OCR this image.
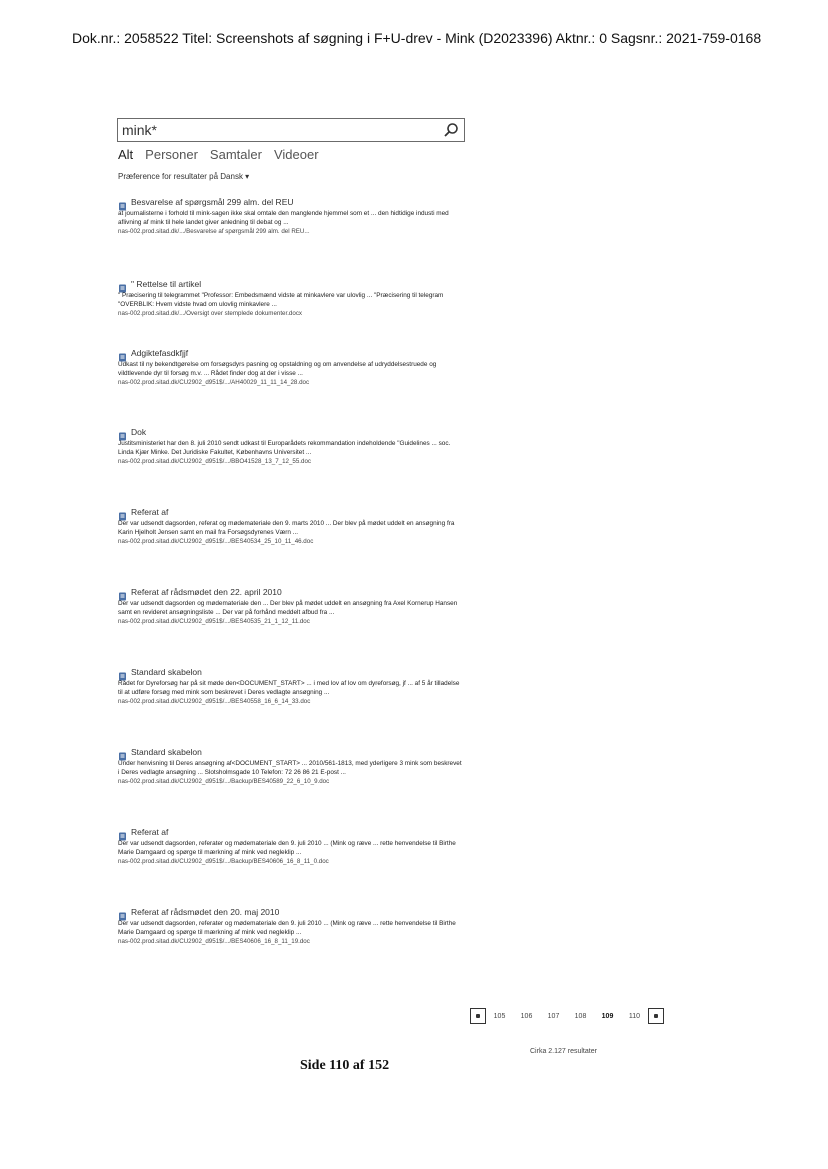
Dok.nr.: 2058522 Titel: Screenshots af søgning i F+U-drev - Mink (D2023396) Aktnr.: 0 Sagsnr.: 2021-759-0168
mink*
Alt Personer Samtaler Videoer
Præference for resultater på Dansk ▾
Besvarelse af spørgsmål 299 alm. del REU
at journalisterne i forhold til mink-sagen ikke skal omtale den manglende hjemmel som et ... den hidtidige industi med aflivning af mink til hele landet giver anledning til debat og ...
nas-002.prod.sitad.dk/.../Besvarelse af spørgsmål 299 alm. del REU...
" Rettelse til artikel
" Præcisering til telegrammet "Professor: Embedsmænd vidste at minkavlere var ulovlig ... "Præcisering til telegram "OVERBLIK: Hvem vidste hvad om ulovlig minkavlere ...
nas-002.prod.sitad.dk/.../Oversigt over stemplede dokumenter.docx
Adgiktefasdkfjjf
Udkast til ny bekendtgørelse om forsøgsdyrs pasning og opstaldning og om anvendelse af udryddelsestruede og vildtlevende dyr til forsøg m.v. ... Rådet finder dog at der i visse ...
nas-002.prod.sitad.dk/CU2902_d951$/.../AH40029_11_11_14_28.doc
Dok
Justitsministeriet har den 8. juli 2010 sendt udkast til Europarådets rekommandation indeholdende "Guidelines ... soc. Linda Kjær Minke. Det Juridiske Fakultet, Københavns Universitet ...
nas-002.prod.sitad.dk/CU2902_d951$/.../BBO41528_13_7_12_55.doc
Referat af
Der var udsendt dagsorden, referat og mødemateriale den 9. marts 2010 ... Der blev på mødet uddelt en ansøgning fra Karin Hjelholt Jensen samt en mail fra Forsøgsdyrenes Værn ...
nas-002.prod.sitad.dk/CU2902_d951$/.../BES40534_25_10_11_46.doc
Referat af rådsmødet den 22. april 2010
Der var udsendt dagsorden og mødemateriale den ... Der blev på mødet uddelt en ansøgning fra Axel Kornerup Hansen samt en revideret ansøgningsliste ... Der var på forhånd meddelt afbud fra ...
nas-002.prod.sitad.dk/CU2902_d951$/.../BES40535_21_1_12_11.doc
Standard skabelon
Rådet for Dyreforsøg har på sit møde den<DOCUMENT_START> ... i med lov af lov om dyreforsøg, jf ... af 5 år tilladelse til at udføre forsøg med mink som beskrevet i Deres vedlagte ansøgning ...
nas-002.prod.sitad.dk/CU2902_d951$/.../BES40558_16_6_14_33.doc
Standard skabelon
Under henvisning til Deres ansøgning af<DOCUMENT_START> ... 2010/561-1813, med yderligere 3 mink som beskrevet i Deres vedlagte ansøgning ... Slotsholmsgade 10 Telefon: 72 26 86 21 E-post ...
nas-002.prod.sitad.dk/CU2902_d951$/.../Backup/BES40589_22_6_10_9.doc
Referat af
Der var udsendt dagsorden, referater og mødemateriale den 9. juli 2010 ... (Mink og ræve ... rette henvendelse til Birthe Marie Damgaard og spørge til mærkning af mink ved negleklip ...
nas-002.prod.sitad.dk/CU2902_d951$/.../Backup/BES40606_16_8_11_0.doc
Referat af rådsmødet den 20. maj 2010
Der var udsendt dagsorden, referater og mødemateriale den 9. juli 2010 ... (Mink og ræve ... rette henvendelse til Birthe Marie Damgaard og spørge til mærkning af mink ved negleklip ...
nas-002.prod.sitad.dk/CU2902_d951$/.../BES40606_16_8_11_19.doc
105	106	107	108	109	110
Cirka 2.127 resultater
Side 110 af 152
